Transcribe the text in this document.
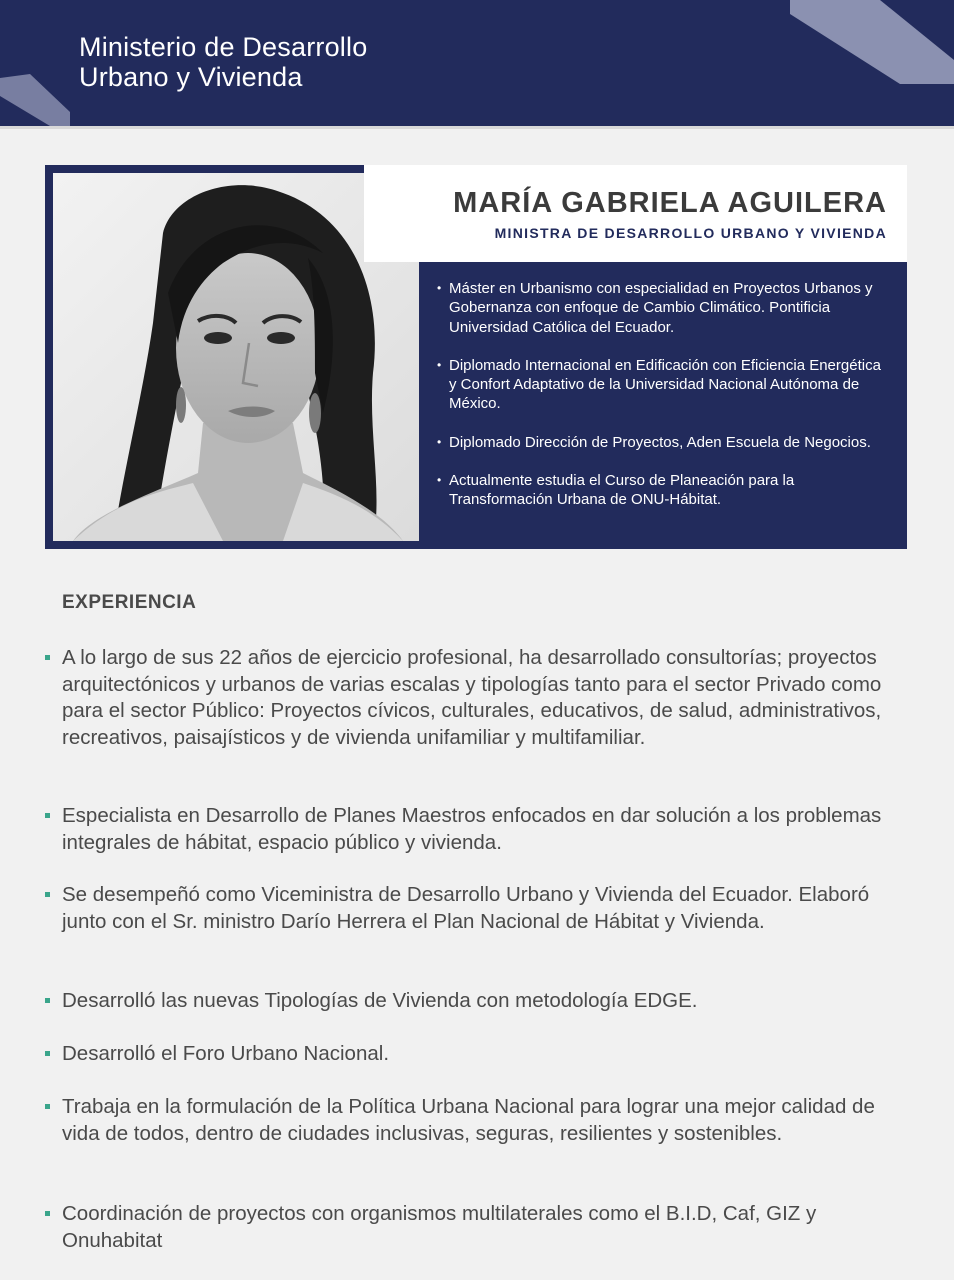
Ministerio de Desarrollo
Urbano y Vivienda
MARÍA GABRIELA AGUILERA
MINISTRA DE DESARROLLO URBANO Y VIVIENDA
• Máster en Urbanismo con especialidad en Proyectos Urbanos y Gobernanza con enfoque de Cambio Climático. Pontificia Universidad Católica del Ecuador.
• Diplomado Internacional en Edificación con Eficiencia Energética y Confort Adaptativo de la Universidad Nacional Autónoma de México.
• Diplomado Dirección de Proyectos, Aden Escuela de Negocios.
• Actualmente estudia el Curso de Planeación para la Transformación Urbana de ONU-Hábitat.
EXPERIENCIA
A lo largo de sus 22 años de ejercicio profesional, ha desarrollado consultorías; proyectos arquitectónicos y urbanos de varias escalas y tipologías tanto para el sector Privado como para el sector Público: Proyectos cívicos, culturales, educativos, de salud, administrativos, recreativos, paisajísticos y de vivienda unifamiliar y multifamiliar.
Especialista en Desarrollo de Planes Maestros enfocados en dar solución a los problemas integrales de hábitat, espacio público y vivienda.
Se desempeñó como Viceministra de Desarrollo Urbano y Vivienda del Ecuador. Elaboró junto con el Sr. ministro Darío Herrera el Plan Nacional de Hábitat y Vivienda.
Desarrolló las nuevas Tipologías de Vivienda con metodología EDGE.
Desarrolló el Foro Urbano Nacional.
Trabaja en la formulación de la Política Urbana Nacional para lograr una mejor calidad de vida de todos, dentro de ciudades inclusivas, seguras, resilientes y sostenibles.
Coordinación de proyectos con organismos multilaterales como el B.I.D, Caf, GIZ y Onuhabitat
